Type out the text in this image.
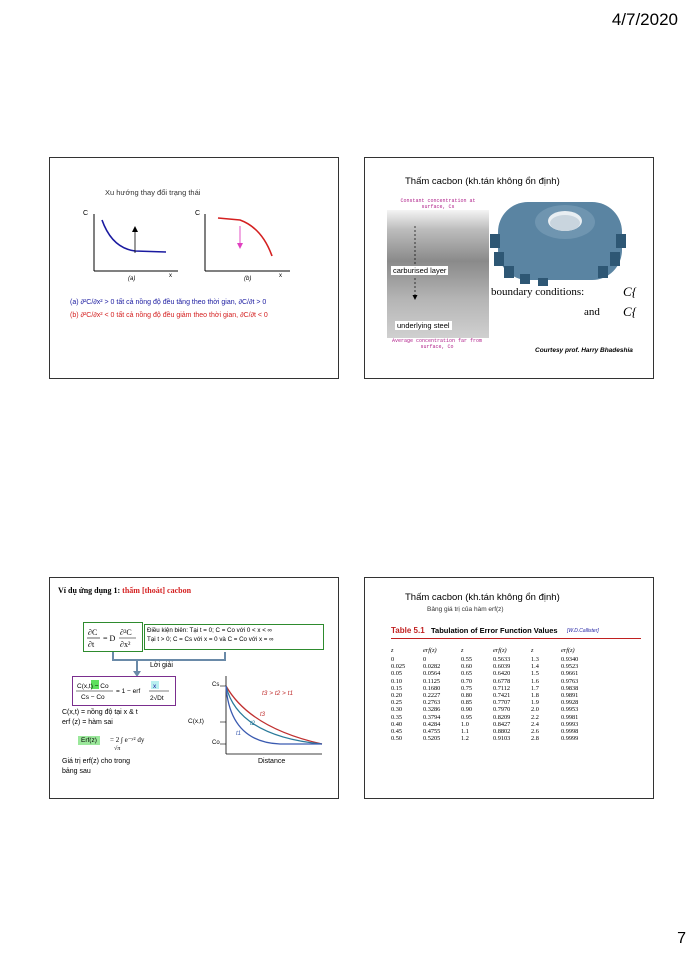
4/7/2020
Xu hướng thay đổi trạng thái
C
x
(a)
C
x
(b)
(a) ∂²C/∂x² > 0 tất cả nồng độ đều tăng theo thời gian, ∂C/∂t > 0
(b) ∂²C/∂x² < 0 tất cả nồng độ đều giảm theo thời gian, ∂C/∂t < 0
Thấm cacbon (kh.tán không ổn định)
Constant concentration at surface, Cs
carburised layer
underlying steel
Average concentration far from surface, Co
boundary conditions:	C{
and C{
Courtesy prof. Harry Bhadeshia
Ví dụ ứng dụng 1: thấm [thoát] cacbon
∂C
∂t
= D
∂²C
∂x²
Điều kiện biên: Tại t = 0; C = Co với 0 < x < ∞
Tại t > 0; C = Cs với x = 0 và C = Co với x = ∞
Lời giải
C(x,t) − Co
Cs − Co
= 1 − erf
x
2√Dt
C(x,t) = nồng độ tại x & t
erf (z) = hàm sai
Erf(z)	= 2 ∫ e⁻ʸ² dy
√π
Giá trị erf(z) cho trong
bảng sau
Cs
C(x,t)
Co
t3 > t2 > t1
t3
t2
t1
Distance
Thấm cacbon (kh.tán không ổn định)
Bảng giá trị của hàm erf(z)
Table 5.1 Tabulation of Error Function Values [W.D.Callister]
z	erf(z)	z	erf(z)	z	erf(z)
0	0	0.55	0.5633	1.3	0.9340
0.025	0.0282	0.60	0.6039	1.4	0.9523
0.05	0.0564	0.65	0.6420	1.5	0.9661
0.10	0.1125	0.70	0.6778	1.6	0.9763
0.15	0.1680	0.75	0.7112	1.7	0.9838
0.20	0.2227	0.80	0.7421	1.8	0.9891
0.25	0.2763	0.85	0.7707	1.9	0.9928
0.30	0.3286	0.90	0.7970	2.0	0.9953
0.35	0.3794	0.95	0.8209	2.2	0.9981
0.40	0.4284	1.0	0.8427	2.4	0.9993
0.45	0.4755	1.1	0.8802	2.6	0.9998
0.50	0.5205	1.2	0.9103	2.8	0.9999
7
